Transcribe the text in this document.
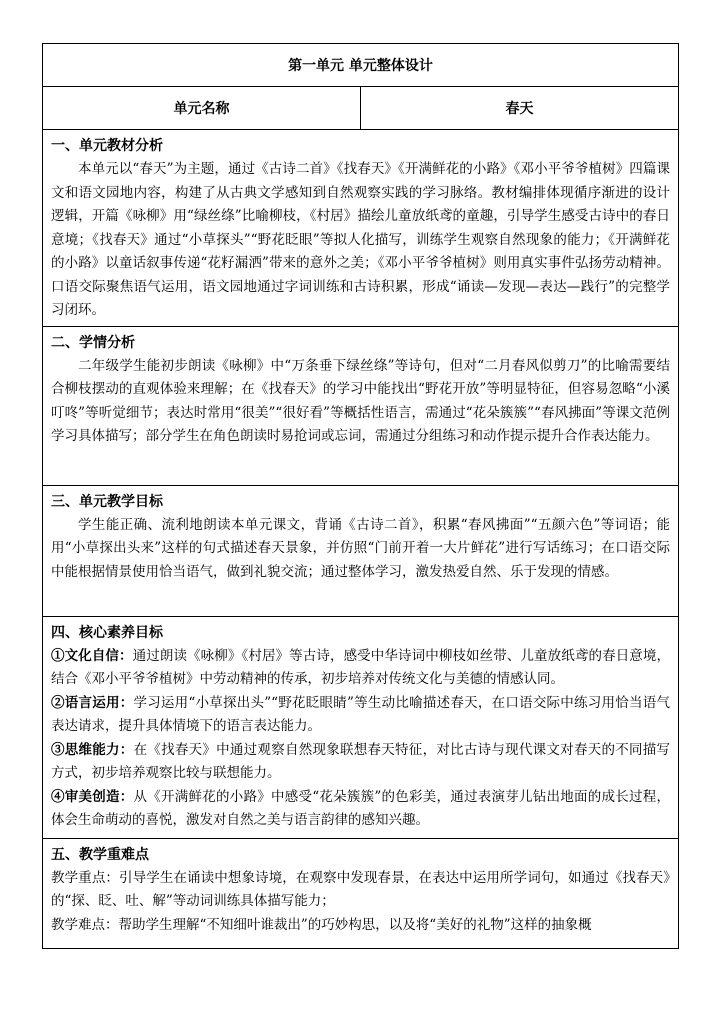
第一单元 单元整体设计
单元名称	春天

一、单元教材分析

本单元以“春天”为主题，通过《古诗二首》《找春天》《开满鲜花的小路》《邓小平爷爷植树》四篇课文和语文园地内容，构建了从古典文学感知到自然观察实践的学习脉络。教材编排体现循序渐进的设计逻辑，开篇《咏柳》用“绿丝绦”比喻柳枝，《村居》描绘儿童放纸鸢的童趣，引导学生感受古诗中的春日意境；《找春天》通过“小草探头”“野花眨眼”等拟人化描写，训练学生观察自然现象的能力；《开满鲜花的小路》以童话叙事传递“花籽漏洒”带来的意外之美；《邓小平爷爷植树》则用真实事件弘扬劳动精神。口语交际聚焦语气运用，语文园地通过字词训练和古诗积累，形成“诵读—发现—表达—践行”的完整学习闭环。

二、学情分析

二年级学生能初步朗读《咏柳》中“万条垂下绿丝绦”等诗句，但对“二月春风似剪刀”的比喻需要结合柳枝摆动的直观体验来理解；在《找春天》的学习中能找出“野花开放”等明显特征，但容易忽略“小溪叮咚”等听觉细节；表达时常用“很美”“很好看”等概括性语言，需通过“花朵簇簇”“春风拂面”等课文范例学习具体描写；部分学生在角色朗读时易抢词或忘词，需通过分组练习和动作提示提升合作表达能力。

三、单元教学目标

学生能正确、流利地朗读本单元课文，背诵《古诗二首》，积累“春风拂面”“五颜六色”等词语；能用“小草探出头来”这样的句式描述春天景象，并仿照“门前开着一大片鲜花”进行写话练习；在口语交际中能根据情景使用恰当语气，做到礼貌交流；通过整体学习，激发热爱自然、乐于发现的情感。

四、核心素养目标

①文化自信：通过朗读《咏柳》《村居》等古诗，感受中华诗词中柳枝如丝带、儿童放纸鸢的春日意境，结合《邓小平爷爷植树》中劳动精神的传承，初步培养对传统文化与美德的情感认同。

②语言运用：学习运用“小草探出头”“野花眨眼睛”等生动比喻描述春天，在口语交际中练习用恰当语气表达请求，提升具体情境下的语言表达能力。

③思维能力：在《找春天》中通过观察自然现象联想春天特征，对比古诗与现代课文对春天的不同描写方式，初步培养观察比较与联想能力。

④审美创造：从《开满鲜花的小路》中感受“花朵簇簇”的色彩美，通过表演芽儿钻出地面的成长过程，体会生命萌动的喜悦，激发对自然之美与语言韵律的感知兴趣。

五、教学重难点

教学重点：引导学生在诵读中想象诗境，在观察中发现春景，在表达中运用所学词句，如通过《找春天》的“探、眨、吐、解”等动词训练具体描写能力；

教学难点：帮助学生理解“不知细叶谁裁出”的巧妙构思，以及将“美好的礼物”这样的抽象概
